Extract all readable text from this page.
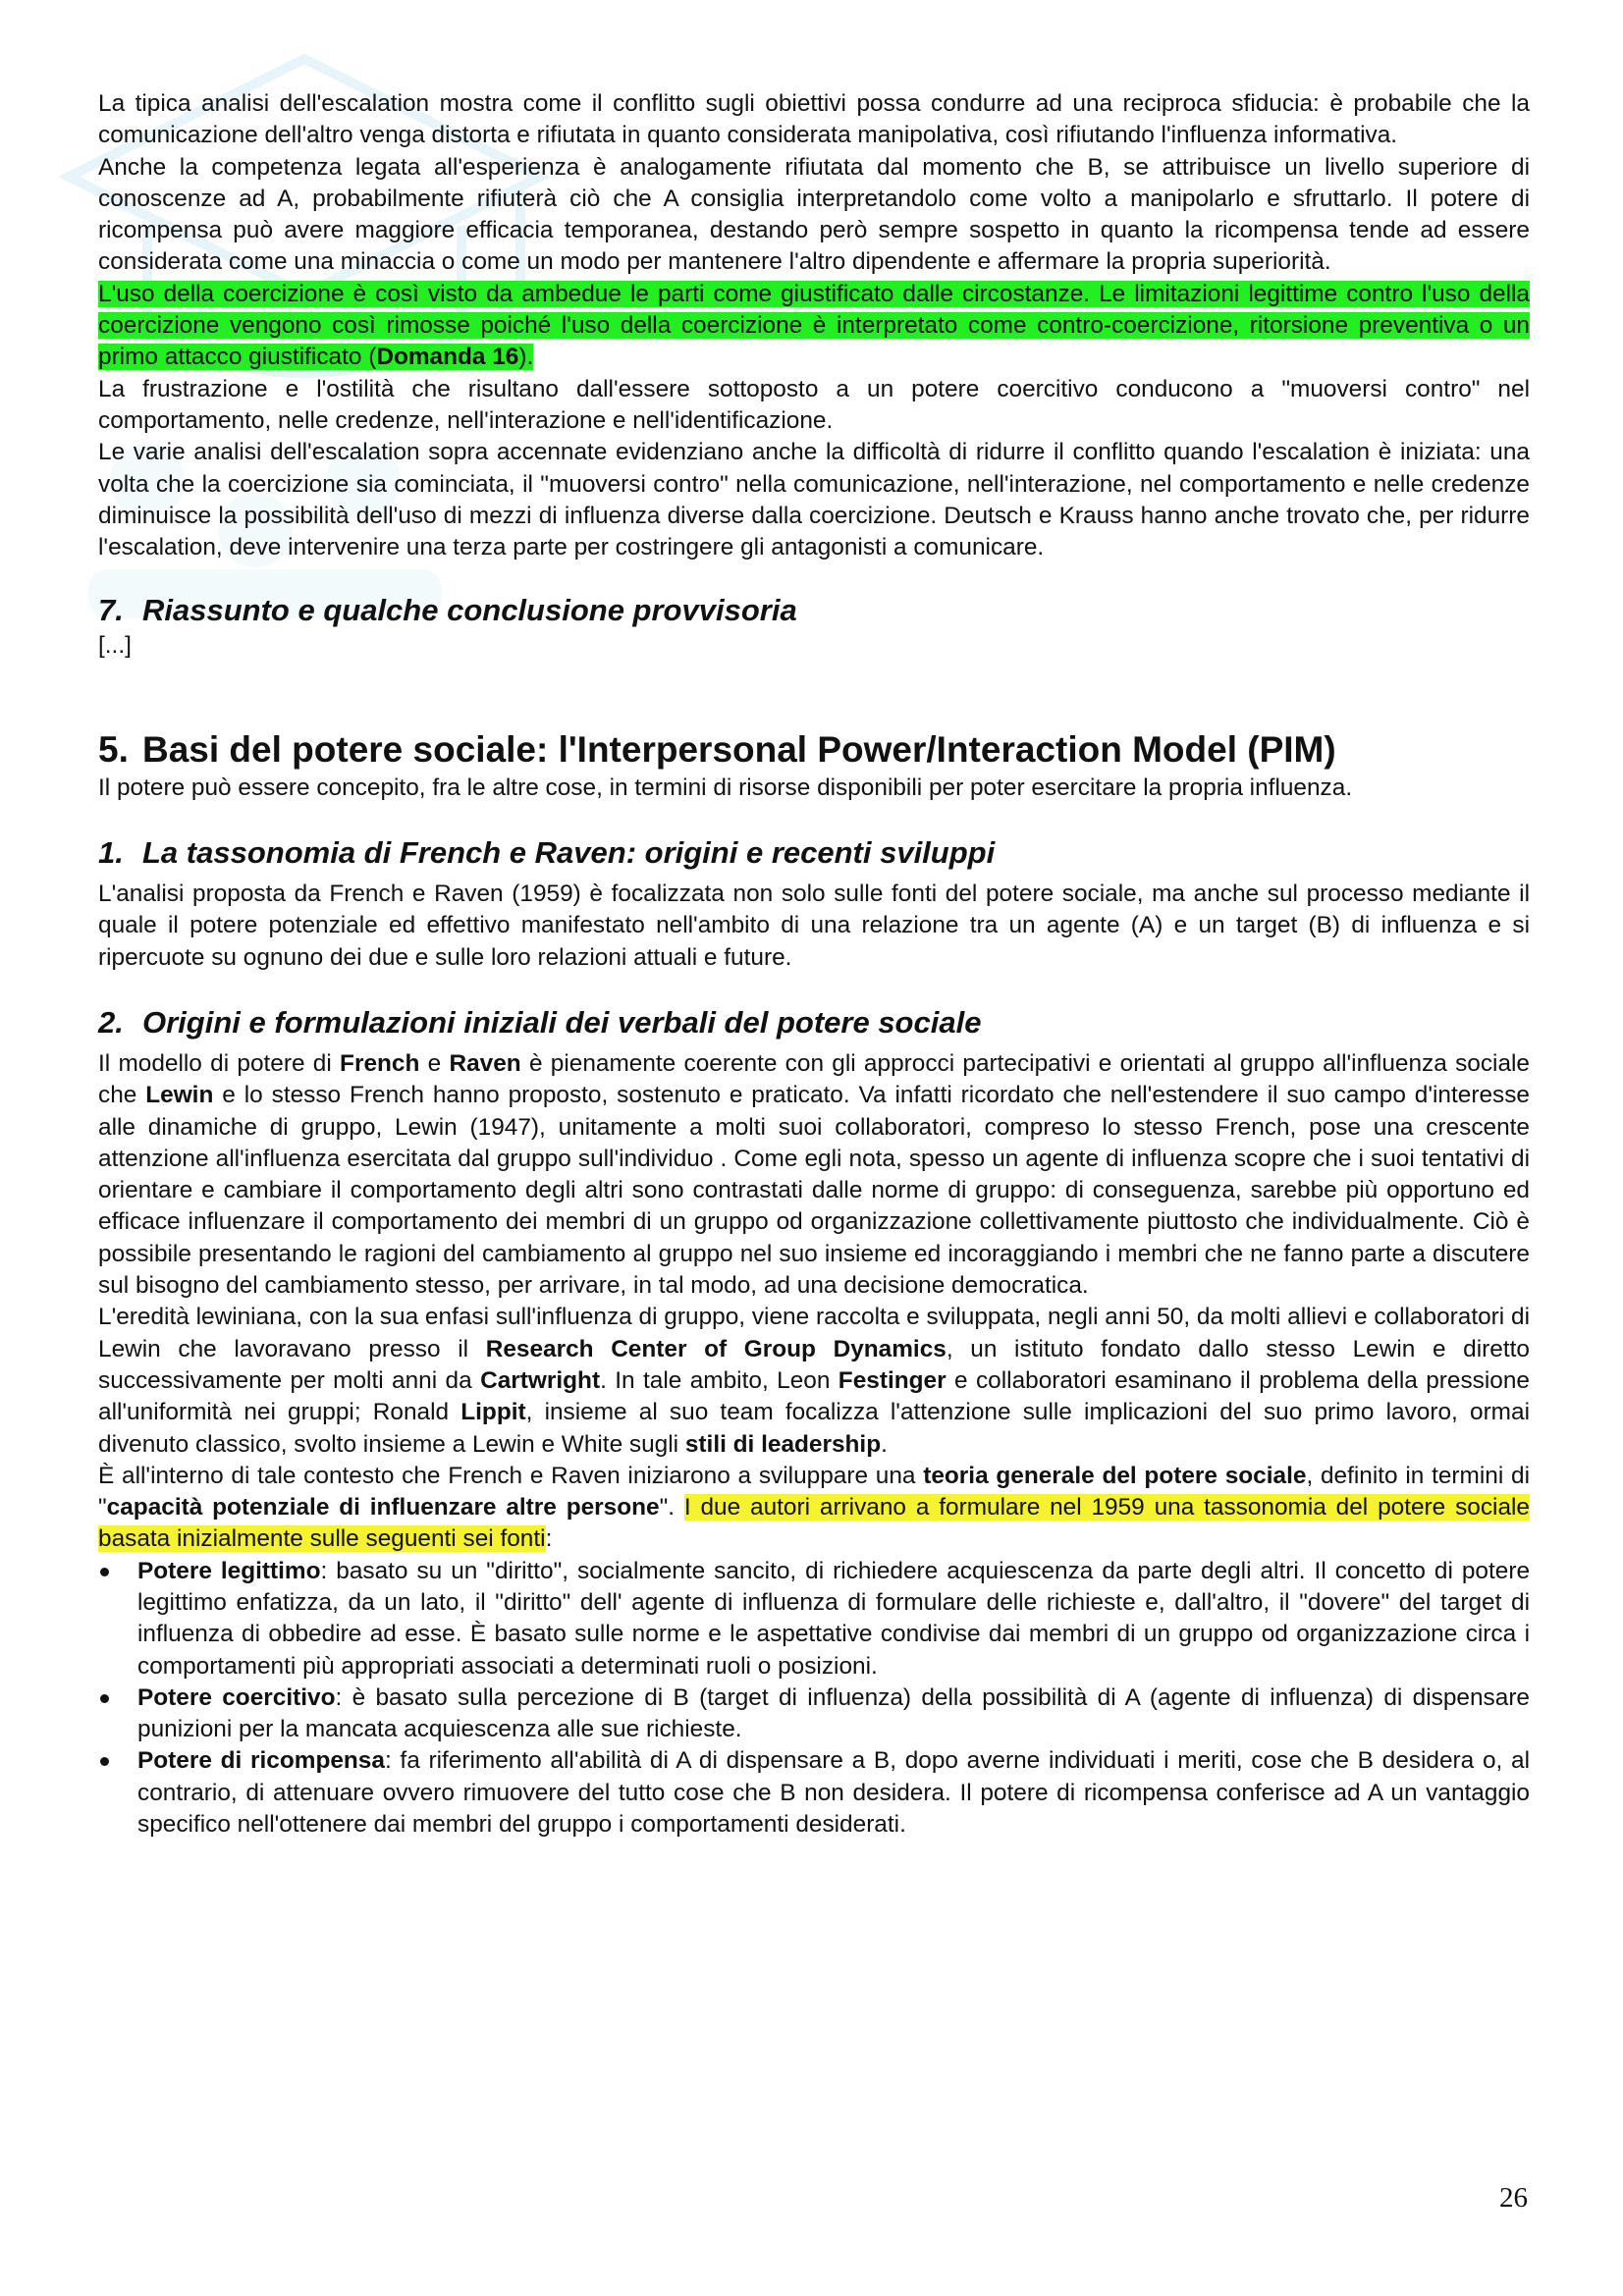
La tipica analisi dell'escalation mostra come il conflitto sugli obiettivi possa condurre ad una reciproca sfiducia: è probabile che la comunicazione dell'altro venga distorta e rifiutata in quanto considerata manipolativa, così rifiutando l'influenza informativa.

Anche la competenza legata all'esperienza è analogamente rifiutata dal momento che B, se attribuisce un livello superiore di conoscenze ad A, probabilmente rifiuterà ciò che A consiglia interpretandolo come volto a manipolarlo e sfruttarlo. Il potere di ricompensa può avere maggiore efficacia temporanea, destando però sempre sospetto in quanto la ricompensa tende ad essere considerata come una minaccia o come un modo per mantenere l'altro dipendente e affermare la propria superiorità.

L'uso della coercizione è così visto da ambedue le parti come giustificato dalle circostanze. Le limitazioni legittime contro l'uso della coercizione vengono così rimosse poiché l'uso della coercizione è interpretato come contro-coercizione, ritorsione preventiva o un primo attacco giustificato (Domanda 16).

La frustrazione e l'ostilità che risultano dall'essere sottoposto a un potere coercitivo conducono a "muoversi contro" nel comportamento, nelle credenze, nell'interazione e nell'identificazione.

Le varie analisi dell'escalation sopra accennate evidenziano anche la difficoltà di ridurre il conflitto quando l'escalation è iniziata: una volta che la coercizione sia cominciata, il "muoversi contro" nella comunicazione, nell'interazione, nel comportamento e nelle credenze diminuisce la possibilità dell'uso di mezzi di influenza diverse dalla coercizione. Deutsch e Krauss hanno anche trovato che, per ridurre l'escalation, deve intervenire una terza parte per costringere gli antagonisti a comunicare.

7. Riassunto e qualche conclusione provvisoria

[...]

5. Basi del potere sociale: l'Interpersonal Power/Interaction Model (PIM)

Il potere può essere concepito, fra le altre cose, in termini di risorse disponibili per poter esercitare la propria influenza.

1. La tassonomia di French e Raven: origini e recenti sviluppi

L'analisi proposta da French e Raven (1959) è focalizzata non solo sulle fonti del potere sociale, ma anche sul processo mediante il quale il potere potenziale ed effettivo manifestato nell'ambito di una relazione tra un agente (A) e un target (B) di influenza e si ripercuote su ognuno dei due e sulle loro relazioni attuali e future.

2. Origini e formulazioni iniziali dei verbali del potere sociale

Il modello di potere di French e Raven è pienamente coerente con gli approcci partecipativi e orientati al gruppo all'influenza sociale che Lewin e lo stesso French hanno proposto, sostenuto e praticato. Va infatti ricordato che nell'estendere il suo campo d'interesse alle dinamiche di gruppo, Lewin (1947), unitamente a molti suoi collaboratori, compreso lo stesso French, pose una crescente attenzione all'influenza esercitata dal gruppo sull'individuo . Come egli nota, spesso un agente di influenza scopre che i suoi tentativi di orientare e cambiare il comportamento degli altri sono contrastati dalle norme di gruppo: di conseguenza, sarebbe più opportuno ed efficace influenzare il comportamento dei membri di un gruppo od organizzazione collettivamente piuttosto che individualmente. Ciò è possibile presentando le ragioni del cambiamento al gruppo nel suo insieme ed incoraggiando i membri che ne fanno parte a discutere sul bisogno del cambiamento stesso, per arrivare, in tal modo, ad una decisione democratica.

L'eredità lewiniana, con la sua enfasi sull'influenza di gruppo, viene raccolta e sviluppata, negli anni 50, da molti allievi e collaboratori di Lewin che lavoravano presso il Research Center of Group Dynamics, un istituto fondato dallo stesso Lewin e diretto successivamente per molti anni da Cartwright. In tale ambito, Leon Festinger e collaboratori esaminano il problema della pressione all'uniformità nei gruppi; Ronald Lippit, insieme al suo team focalizza l'attenzione sulle implicazioni del suo primo lavoro, ormai divenuto classico, svolto insieme a Lewin e White sugli stili di leadership.

È all'interno di tale contesto che French e Raven iniziarono a sviluppare una teoria generale del potere sociale, definito in termini di "capacità potenziale di influenzare altre persone". I due autori arrivano a formulare nel 1959 una tassonomia del potere sociale basata inizialmente sulle seguenti sei fonti:

Potere legittimo: basato su un "diritto", socialmente sancito, di richiedere acquiescenza da parte degli altri. Il concetto di potere legittimo enfatizza, da un lato, il "diritto" dell' agente di influenza di formulare delle richieste e, dall'altro, il "dovere" del target di influenza di obbedire ad esse. È basato sulle norme e le aspettative condivise dai membri di un gruppo od organizzazione circa i comportamenti più appropriati associati a determinati ruoli o posizioni.
Potere coercitivo: è basato sulla percezione di B (target di influenza) della possibilità di A (agente di influenza) di dispensare punizioni per la mancata acquiescenza alle sue richieste.
Potere di ricompensa: fa riferimento all'abilità di A di dispensare a B, dopo averne individuati i meriti, cose che B desidera o, al contrario, di attenuare ovvero rimuovere del tutto cose che B non desidera. Il potere di ricompensa conferisce ad A un vantaggio specifico nell'ottenere dai membri del gruppo i comportamenti desiderati.
26
